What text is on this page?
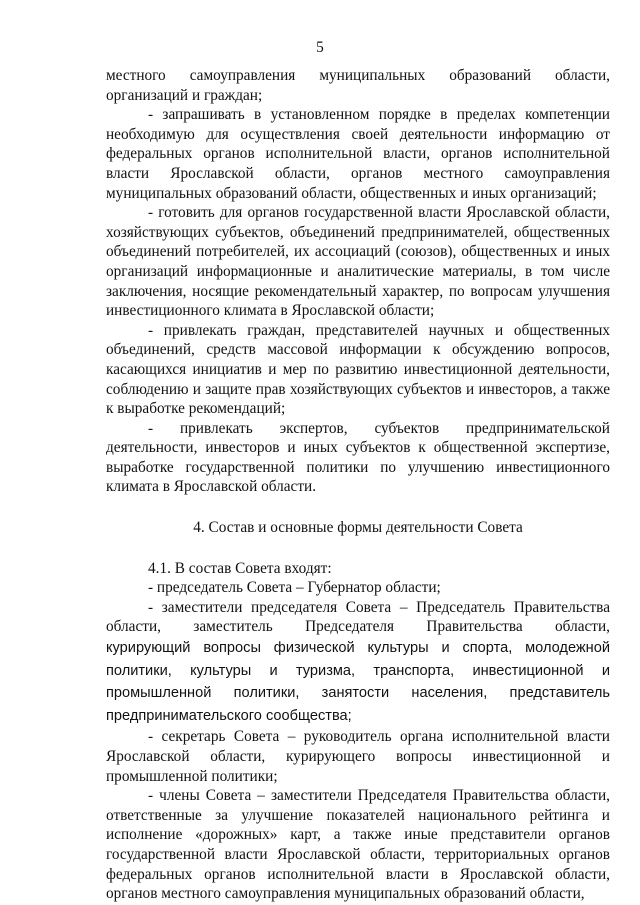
5

местного самоуправления муниципальных образований области, организаций и граждан;

- запрашивать в установленном порядке в пределах компетенции необходимую для осуществления своей деятельности информацию от федеральных органов исполнительной власти, органов исполнительной власти Ярославской области, органов местного самоуправления муниципальных образований области, общественных и иных организаций;

- готовить для органов государственной власти Ярославской области, хозяйствующих субъектов, объединений предпринимателей, общественных объединений потребителей, их ассоциаций (союзов), общественных и иных организаций информационные и аналитические материалы, в том числе заключения, носящие рекомендательный характер, по вопросам улучшения инвестиционного климата в Ярославской области;

- привлекать граждан, представителей научных и общественных объединений, средств массовой информации к обсуждению вопросов, касающихся инициатив и мер по развитию инвестиционной деятельности, соблюдению и защите прав хозяйствующих субъектов и инвесторов, а также к выработке рекомендаций;

- привлекать экспертов, субъектов предпринимательской деятельности, инвесторов и иных субъектов к общественной экспертизе, выработке государственной политики по улучшению инвестиционного климата в Ярославской области.

4. Состав и основные формы деятельности Совета

4.1. В состав Совета входят:

- председатель Совета – Губернатор области;

- заместители председателя Совета – Председатель Правительства области, заместитель Председателя Правительства области,

курирующий вопросы физической культуры и спорта, молодежной политики, культуры и туризма, транспорта, инвестиционной и промышленной политики, занятости населения, представитель предпринимательского сообщества;

- секретарь Совета – руководитель органа исполнительной власти Ярославской области, курирующего вопросы инвестиционной и промышленной политики;

- члены Совета – заместители Председателя Правительства области, ответственные за улучшение показателей национального рейтинга и исполнение «дорожных» карт, а также иные представители органов государственной власти Ярославской области, территориальных органов федеральных органов исполнительной власти в Ярославской области, органов местного самоуправления муниципальных образований области,
